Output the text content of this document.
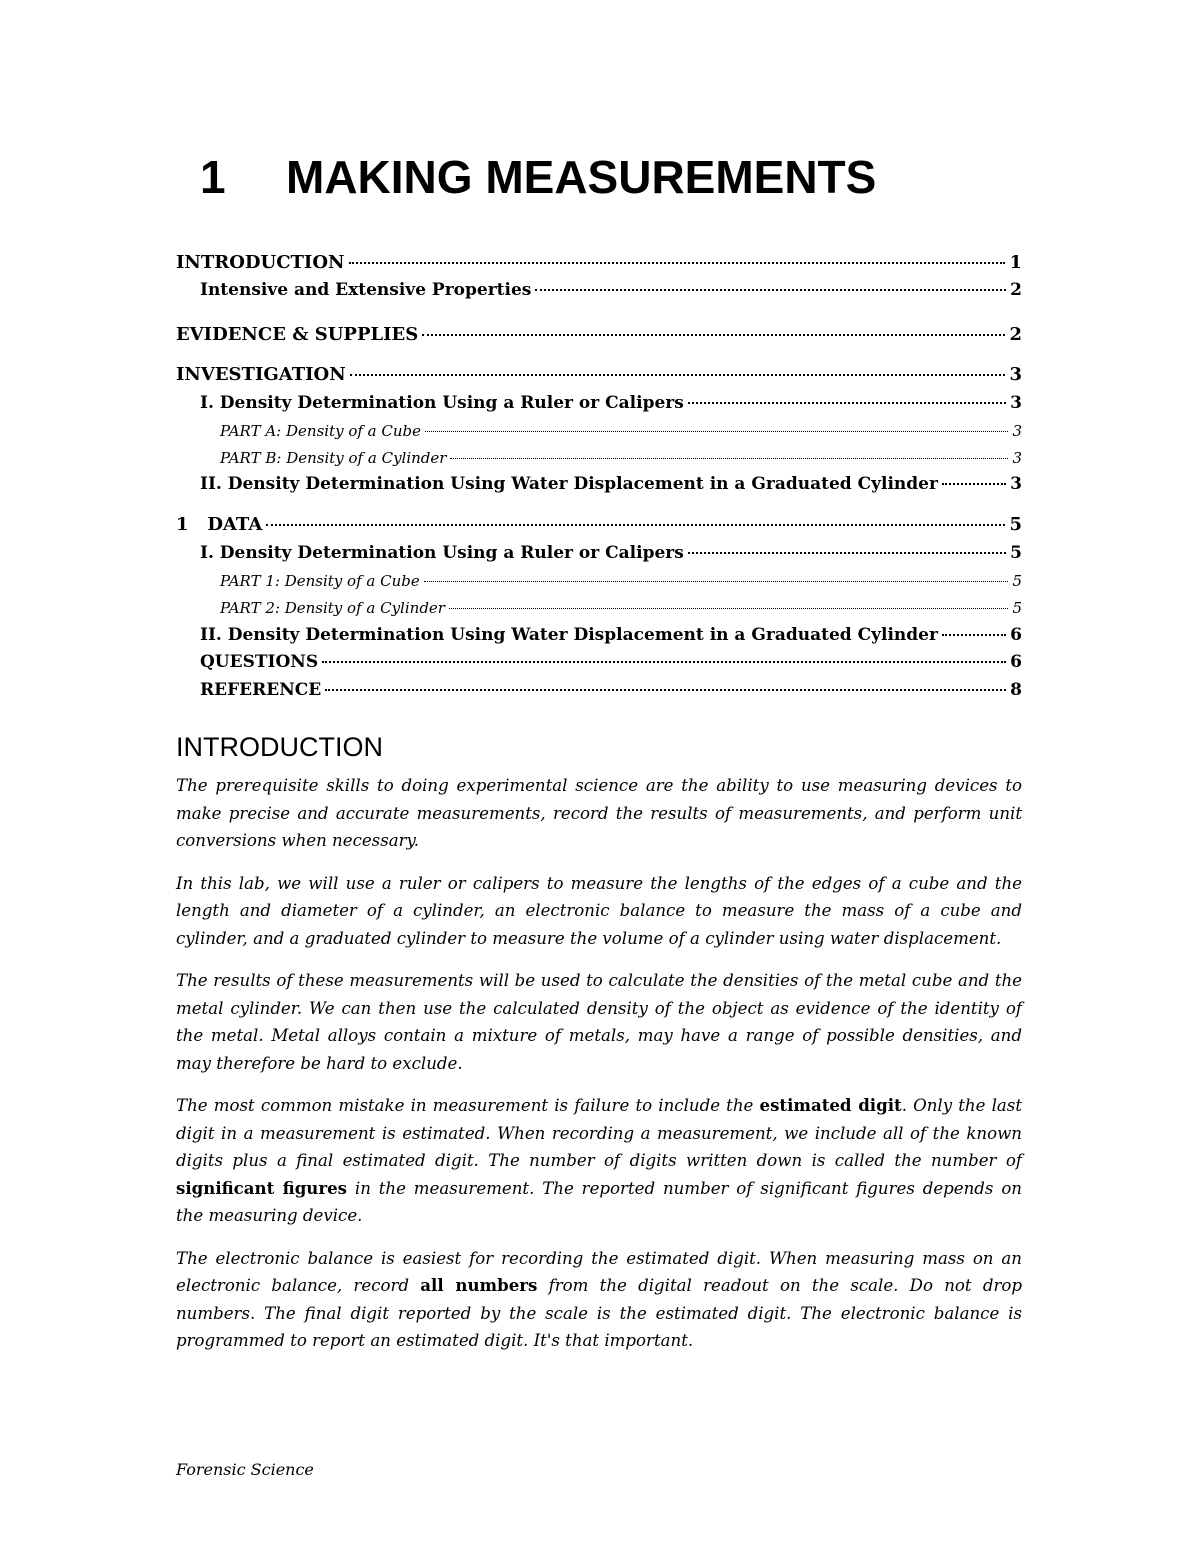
1 MAKING MEASUREMENTS
INTRODUCTION	1
Intensive and Extensive Properties	2
EVIDENCE & SUPPLIES	2
INVESTIGATION	3
I. Density Determination Using a Ruler or Calipers	3
PART A: Density of a Cube	3
PART B: Density of a Cylinder	3
II. Density Determination Using Water Displacement in a Graduated Cylinder	3
1   DATA	5
I. Density Determination Using a Ruler or Calipers	5
PART 1: Density of a Cube	5
PART 2: Density of a Cylinder	5
II. Density Determination Using Water Displacement in a Graduated Cylinder	6
QUESTIONS	6
REFERENCE	8
INTRODUCTION

The prerequisite skills to doing experimental science are the ability to use measuring devices to make precise and accurate measurements, record the results of measurements, and perform unit conversions when necessary.

In this lab, we will use a ruler or calipers to measure the lengths of the edges of a cube and the length and diameter of a cylinder, an electronic balance to measure the mass of a cube and cylinder, and a graduated cylinder to measure the volume of a cylinder using water displacement.

The results of these measurements will be used to calculate the densities of the metal cube and the metal cylinder. We can then use the calculated density of the object as evidence of the identity of the metal. Metal alloys contain a mixture of metals, may have a range of possible densities, and may therefore be hard to exclude.

The most common mistake in measurement is failure to include the estimated digit. Only the last digit in a measurement is estimated. When recording a measurement, we include all of the known digits plus a final estimated digit. The number of digits written down is called the number of significant figures in the measurement. The reported number of significant figures depends on the measuring device.

The electronic balance is easiest for recording the estimated digit. When measuring mass on an electronic balance, record all numbers from the digital readout on the scale. Do not drop numbers. The final digit reported by the scale is the estimated digit. The electronic balance is programmed to report an estimated digit. It's that important.

Forensic Science
